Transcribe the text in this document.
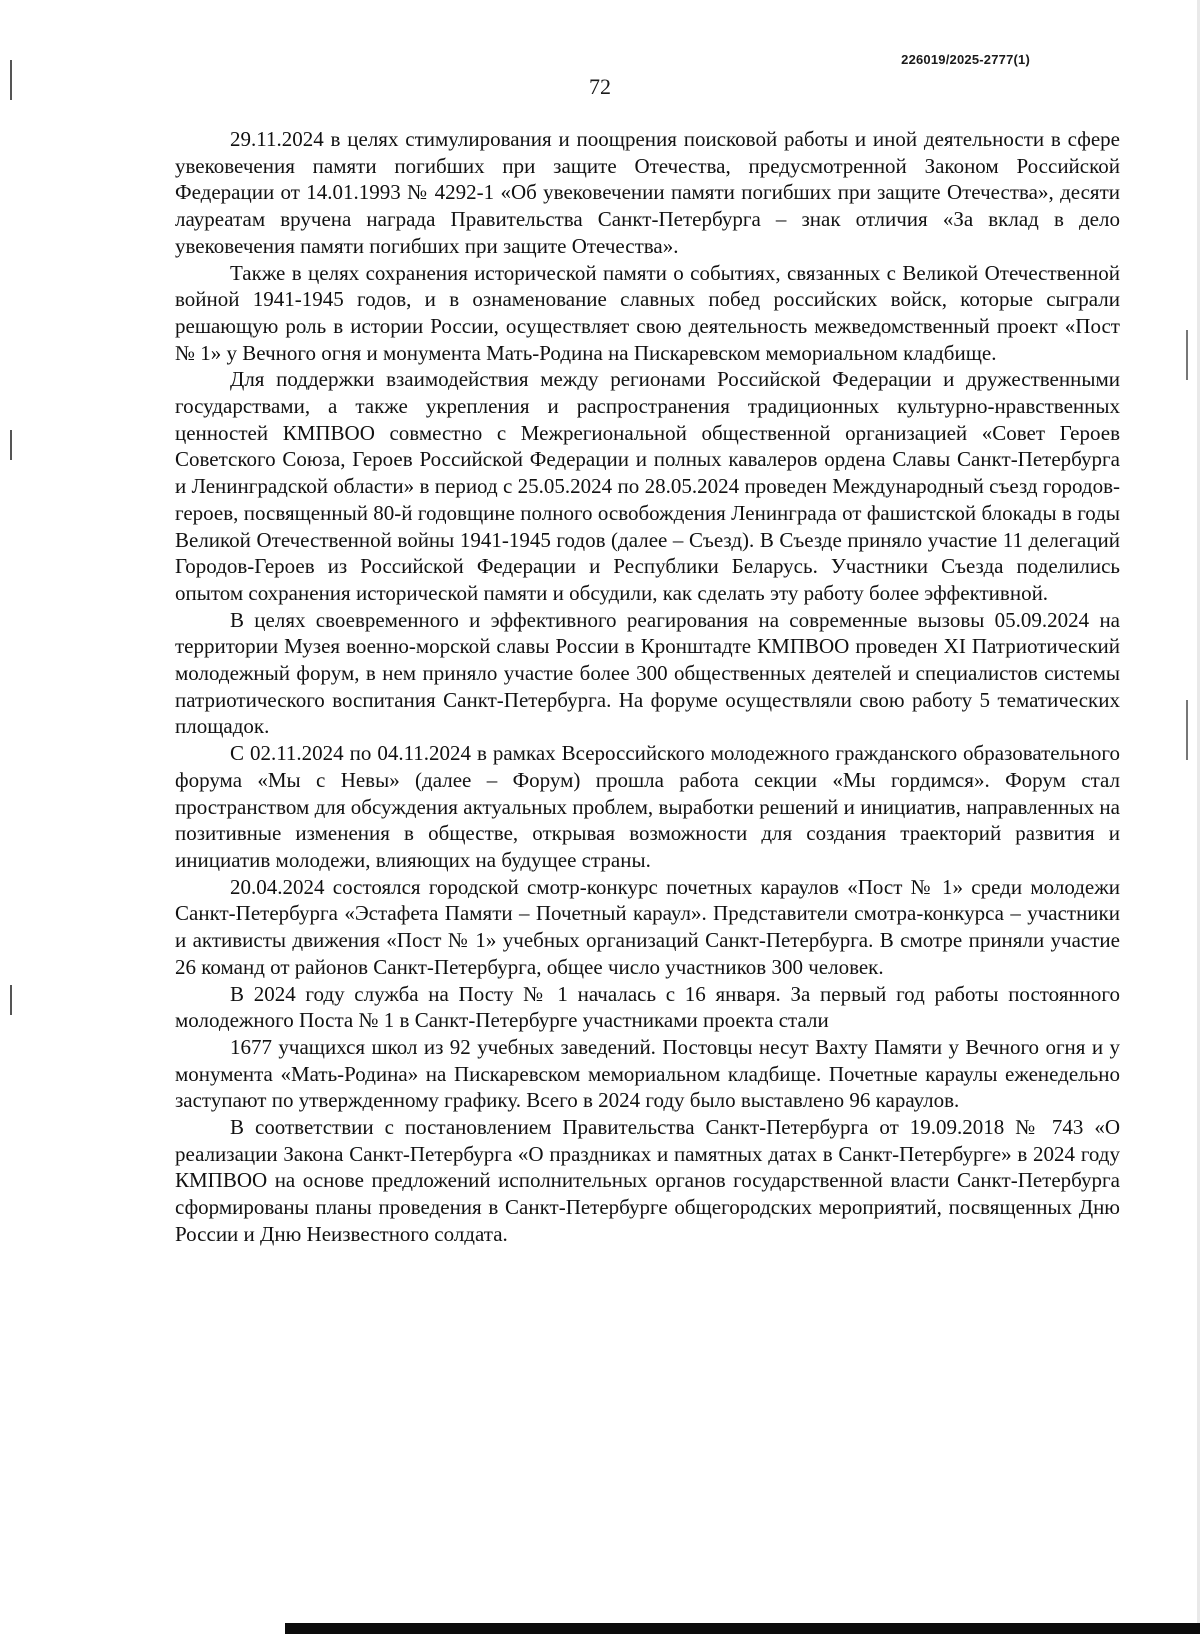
226019/2025-2777(1)
72

29.11.2024 в целях стимулирования и поощрения поисковой работы и иной деятельности в сфере увековечения памяти погибших при защите Отечества, предусмотренной Законом Российской Федерации от 14.01.1993 № 4292-1 «Об увековечении памяти погибших при защите Отечества», десяти лауреатам вручена награда Правительства Санкт-Петербурга – знак отличия «За вклад в дело увековечения памяти погибших при защите Отечества».

Также в целях сохранения исторической памяти о событиях, связанных с Великой Отечественной войной 1941-1945 годов, и в ознаменование славных побед российских войск, которые сыграли решающую роль в истории России, осуществляет свою деятельность межведомственный проект «Пост № 1» у Вечного огня и монумента Мать-Родина на Пискаревском мемориальном кладбище.

Для поддержки взаимодействия между регионами Российской Федерации и дружественными государствами, а также укрепления и распространения традиционных культурно-нравственных ценностей КМПВОО совместно с Межрегиональной общественной организацией «Совет Героев Советского Союза, Героев Российской Федерации и полных кавалеров ордена Славы Санкт-Петербурга и Ленинградской области» в период с 25.05.2024 по 28.05.2024 проведен Международный съезд городов-героев, посвященный 80-й годовщине полного освобождения Ленинграда от фашистской блокады в годы Великой Отечественной войны 1941-1945 годов (далее – Съезд). В Съезде приняло участие 11 делегаций Городов-Героев из Российской Федерации и Республики Беларусь. Участники Съезда поделились опытом сохранения исторической памяти и обсудили, как сделать эту работу более эффективной.

В целях своевременного и эффективного реагирования на современные вызовы 05.09.2024 на территории Музея военно-морской славы России в Кронштадте КМПВОО проведен XI Патриотический молодежный форум, в нем приняло участие более 300 общественных деятелей и специалистов системы патриотического воспитания Санкт-Петербурга. На форуме осуществляли свою работу 5 тематических площадок.

С 02.11.2024 по 04.11.2024 в рамках Всероссийского молодежного гражданского образовательного форума «Мы с Невы» (далее – Форум) прошла работа секции «Мы гордимся». Форум стал пространством для обсуждения актуальных проблем, выработки решений и инициатив, направленных на позитивные изменения в обществе, открывая возможности для создания траекторий развития и инициатив молодежи, влияющих на будущее страны.

20.04.2024 состоялся городской смотр-конкурс почетных караулов «Пост № 1» среди молодежи Санкт-Петербурга «Эстафета Памяти – Почетный караул». Представители смотра-конкурса – участники и активисты движения «Пост № 1» учебных организаций Санкт-Петербурга. В смотре приняли участие 26 команд от районов Санкт-Петербурга, общее число участников 300 человек.

В 2024 году служба на Посту № 1 началась с 16 января. За первый год работы постоянного молодежного Поста № 1 в Санкт-Петербурге участниками проекта стали

1677 учащихся школ из 92 учебных заведений. Постовцы несут Вахту Памяти у Вечного огня и у монумента «Мать-Родина» на Пискаревском мемориальном кладбище. Почетные караулы еженедельно заступают по утвержденному графику. Всего в 2024 году было выставлено 96 караулов.

В соответствии с постановлением Правительства Санкт-Петербурга от 19.09.2018 № 743 «О реализации Закона Санкт-Петербурга «О праздниках и памятных датах в Санкт-Петербурге» в 2024 году КМПВОО на основе предложений исполнительных органов государственной власти Санкт-Петербурга сформированы планы проведения в Санкт-Петербурге общегородских мероприятий, посвященных Дню России и Дню Неизвестного солдата.
